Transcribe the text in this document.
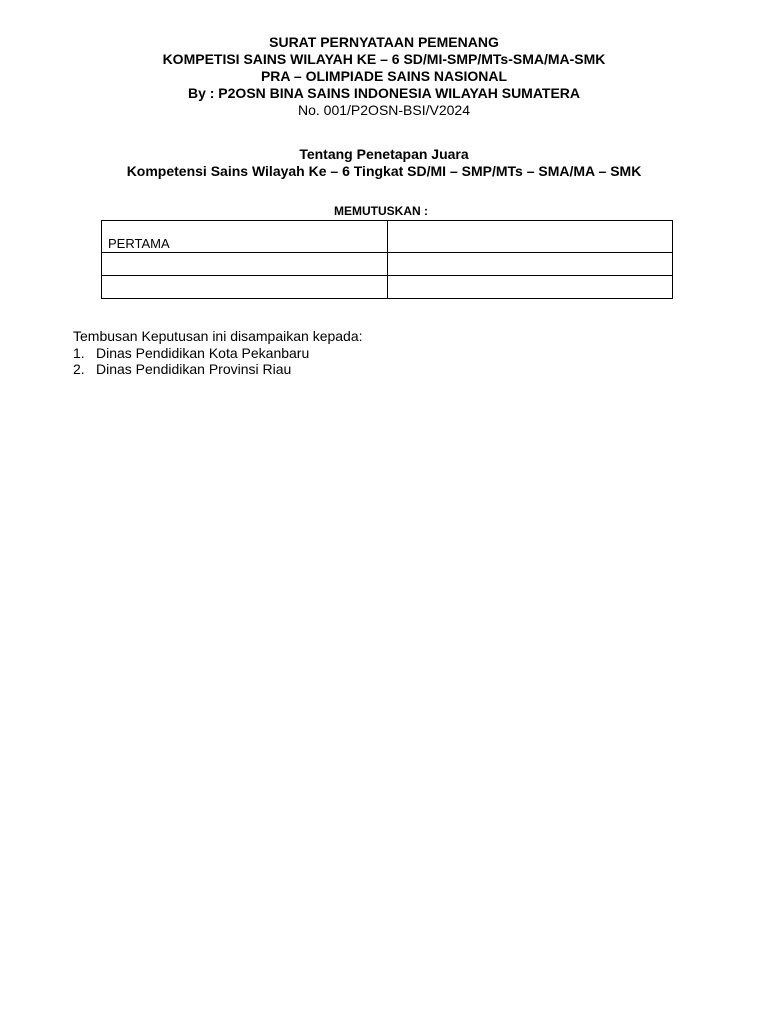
SURAT PERNYATAAN PEMENANG
KOMPETISI SAINS WILAYAH KE – 6 SD/MI-SMP/MTs-SMA/MA-SMK
PRA – OLIMPIADE SAINS NASIONAL
By : P2OSN BINA SAINS INDONESIA WILAYAH SUMATERA
No. 001/P2OSN-BSI/V2024
Tentang Penetapan Juara
Kompetensi Sains Wilayah Ke – 6 Tingkat SD/MI – SMP/MTs – SMA/MA – SMK
MEMUTUSKAN :
PERTAMA	

Tembusan Keputusan ini disampaikan kepada:
1. Dinas Pendidikan Kota Pekanbaru
2. Dinas Pendidikan Provinsi Riau
